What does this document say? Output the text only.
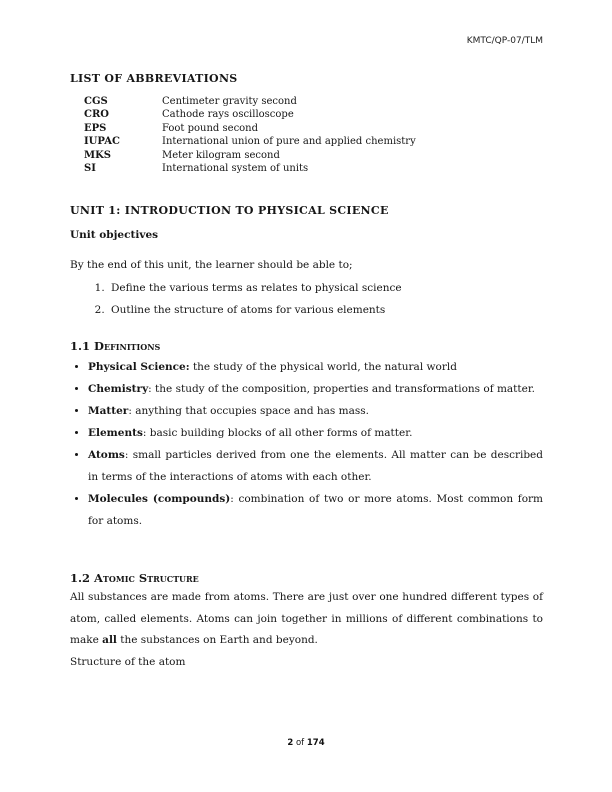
KMTC/QP-07/TLM
LIST OF ABBREVIATIONS
CGS	Centimeter gravity second
CRO	Cathode rays oscilloscope
EPS	Foot pound second
IUPAC	International union of pure and applied chemistry
MKS	Meter kilogram second
SI	International system of units
UNIT 1: INTRODUCTION TO PHYSICAL SCIENCE
Unit objectives
By the end of this unit, the learner should be able to;
1. Define the various terms as relates to physical science
2. Outline the structure of atoms for various elements
1.1 Definitions
• Physical Science: the study of the physical world, the natural world
• Chemistry: the study of the composition, properties and transformations of matter.
• Matter: anything that occupies space and has mass.
• Elements: basic building blocks of all other forms of matter.
• Atoms: small particles derived from one the elements. All matter can be described in terms of the interactions of atoms with each other.
• Molecules (compounds): combination of two or more atoms. Most common form for atoms.
1.2 Atomic Structure
All substances are made from atoms. There are just over one hundred different types of atom, called elements. Atoms can join together in millions of different combinations to make all the substances on Earth and beyond.
Structure of the atom
2 of 174
